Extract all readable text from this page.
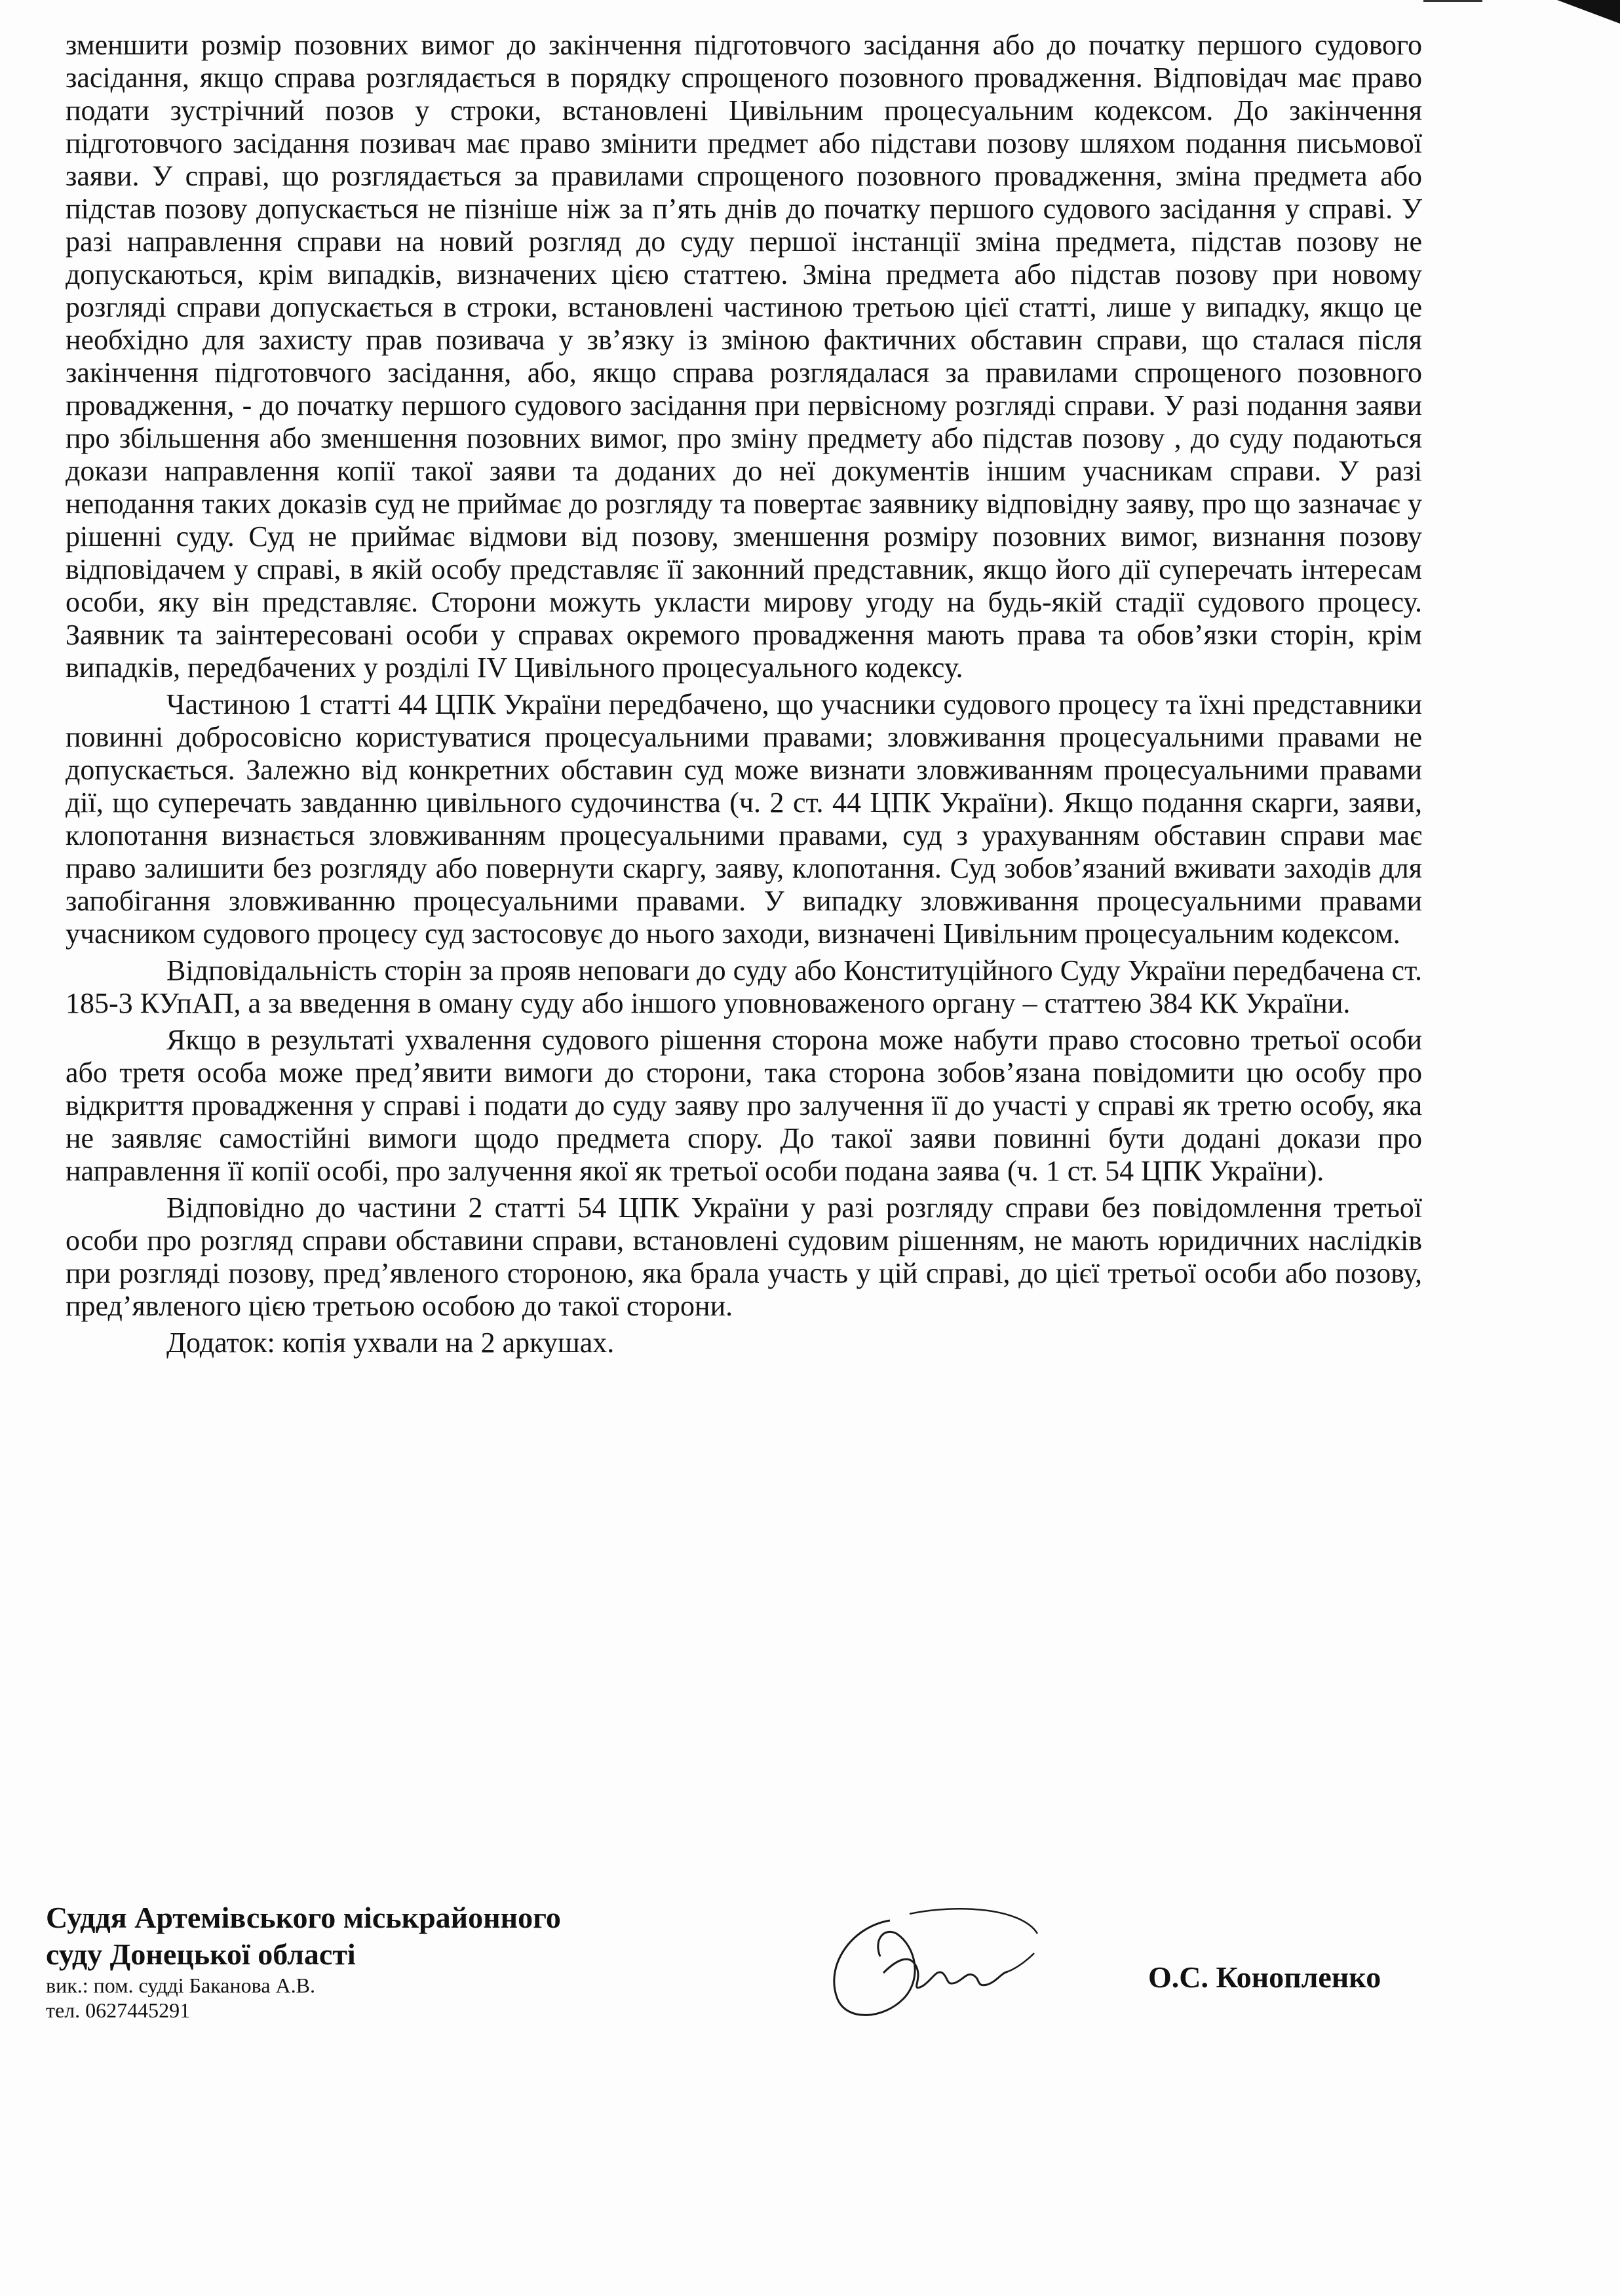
зменшити розмір позовних вимог до закінчення підготовчого засідання або до початку першого судового засідання, якщо справа розглядається в порядку спрощеного позовного провадження. Відповідач має право подати зустрічний позов у строки, встановлені Цивільним процесуальним кодексом. До закінчення підготовчого засідання позивач має право змінити предмет або підстави позову шляхом подання письмової заяви. У справі, що розглядається за правилами спрощеного позовного провадження, зміна предмета або підстав позову допускається не пізніше ніж за п’ять днів до початку першого судового засідання у справі. У разі направлення справи на новий розгляд до суду першої інстанції зміна предмета, підстав позову не допускаються, крім випадків, визначених цією статтею. Зміна предмета або підстав позову при новому розгляді справи допускається в строки, встановлені частиною третьою цієї статті, лише у випадку, якщо це необхідно для захисту прав позивача у зв’язку із зміною фактичних обставин справи, що сталася після закінчення підготовчого засідання, або, якщо справа розглядалася за правилами спрощеного позовного провадження, - до початку першого судового засідання при первісному розгляді справи. У разі подання заяви про збільшення або зменшення позовних вимог, про зміну предмету або підстав позову , до суду подаються докази направлення копії такої заяви та доданих до неї документів іншим учасникам справи. У разі неподання таких доказів суд не приймає до розгляду та повертає заявнику відповідну заяву, про що зазначає у рішенні суду. Суд не приймає відмови від позову, зменшення розміру позовних вимог, визнання позову відповідачем у справі, в якій особу представляє її законний представник, якщо його дії суперечать інтересам особи, яку він представляє. Сторони можуть укласти мирову угоду на будь-якій стадії судового процесу. Заявник та заінтересовані особи у справах окремого провадження мають права та обов’язки сторін, крім випадків, передбачених у розділі IV Цивільного процесуального кодексу.

Частиною 1 статті 44 ЦПК України передбачено, що учасники судового процесу та їхні представники повинні добросовісно користуватися процесуальними правами; зловживання процесуальними правами не допускається. Залежно від конкретних обставин суд може визнати зловживанням процесуальними правами дії, що суперечать завданню цивільного судочинства (ч. 2 ст. 44 ЦПК України). Якщо подання скарги, заяви, клопотання визнається зловживанням процесуальними правами, суд з урахуванням обставин справи має право залишити без розгляду або повернути скаргу, заяву, клопотання. Суд зобов’язаний вживати заходів для запобігання зловживанню процесуальними правами. У випадку зловживання процесуальними правами учасником судового процесу суд застосовує до нього заходи, визначені Цивільним процесуальним кодексом.

Відповідальність сторін за прояв неповаги до суду або Конституційного Суду України передбачена ст. 185-3 КУпАП, а за введення в оману суду або іншого уповноваженого органу – статтею 384 КК України.

Якщо в результаті ухвалення судового рішення сторона може набути право стосовно третьої особи або третя особа може пред’явити вимоги до сторони, така сторона зобов’язана повідомити цю особу про відкриття провадження у справі і подати до суду заяву про залучення її до участі у справі як третю особу, яка не заявляє самостійні вимоги щодо предмета спору. До такої заяви повинні бути додані докази про направлення її копії особі, про залучення якої як третьої особи подана заява (ч. 1 ст. 54 ЦПК України).

Відповідно до частини 2 статті 54 ЦПК України у разі розгляду справи без повідомлення третьої особи про розгляд справи обставини справи, встановлені судовим рішенням, не мають юридичних наслідків при розгляді позову, пред’явленого стороною, яка брала участь у цій справі, до цієї третьої особи або позову, пред’явленого цією третьою особою до такої сторони.

Додаток: копія ухвали на 2 аркушах.

Суддя Артемівського міськрайонного

суду Донецької області

вик.: пом. судді Баканова А.В.

тел. 0627445291

О.С. Конопленко
